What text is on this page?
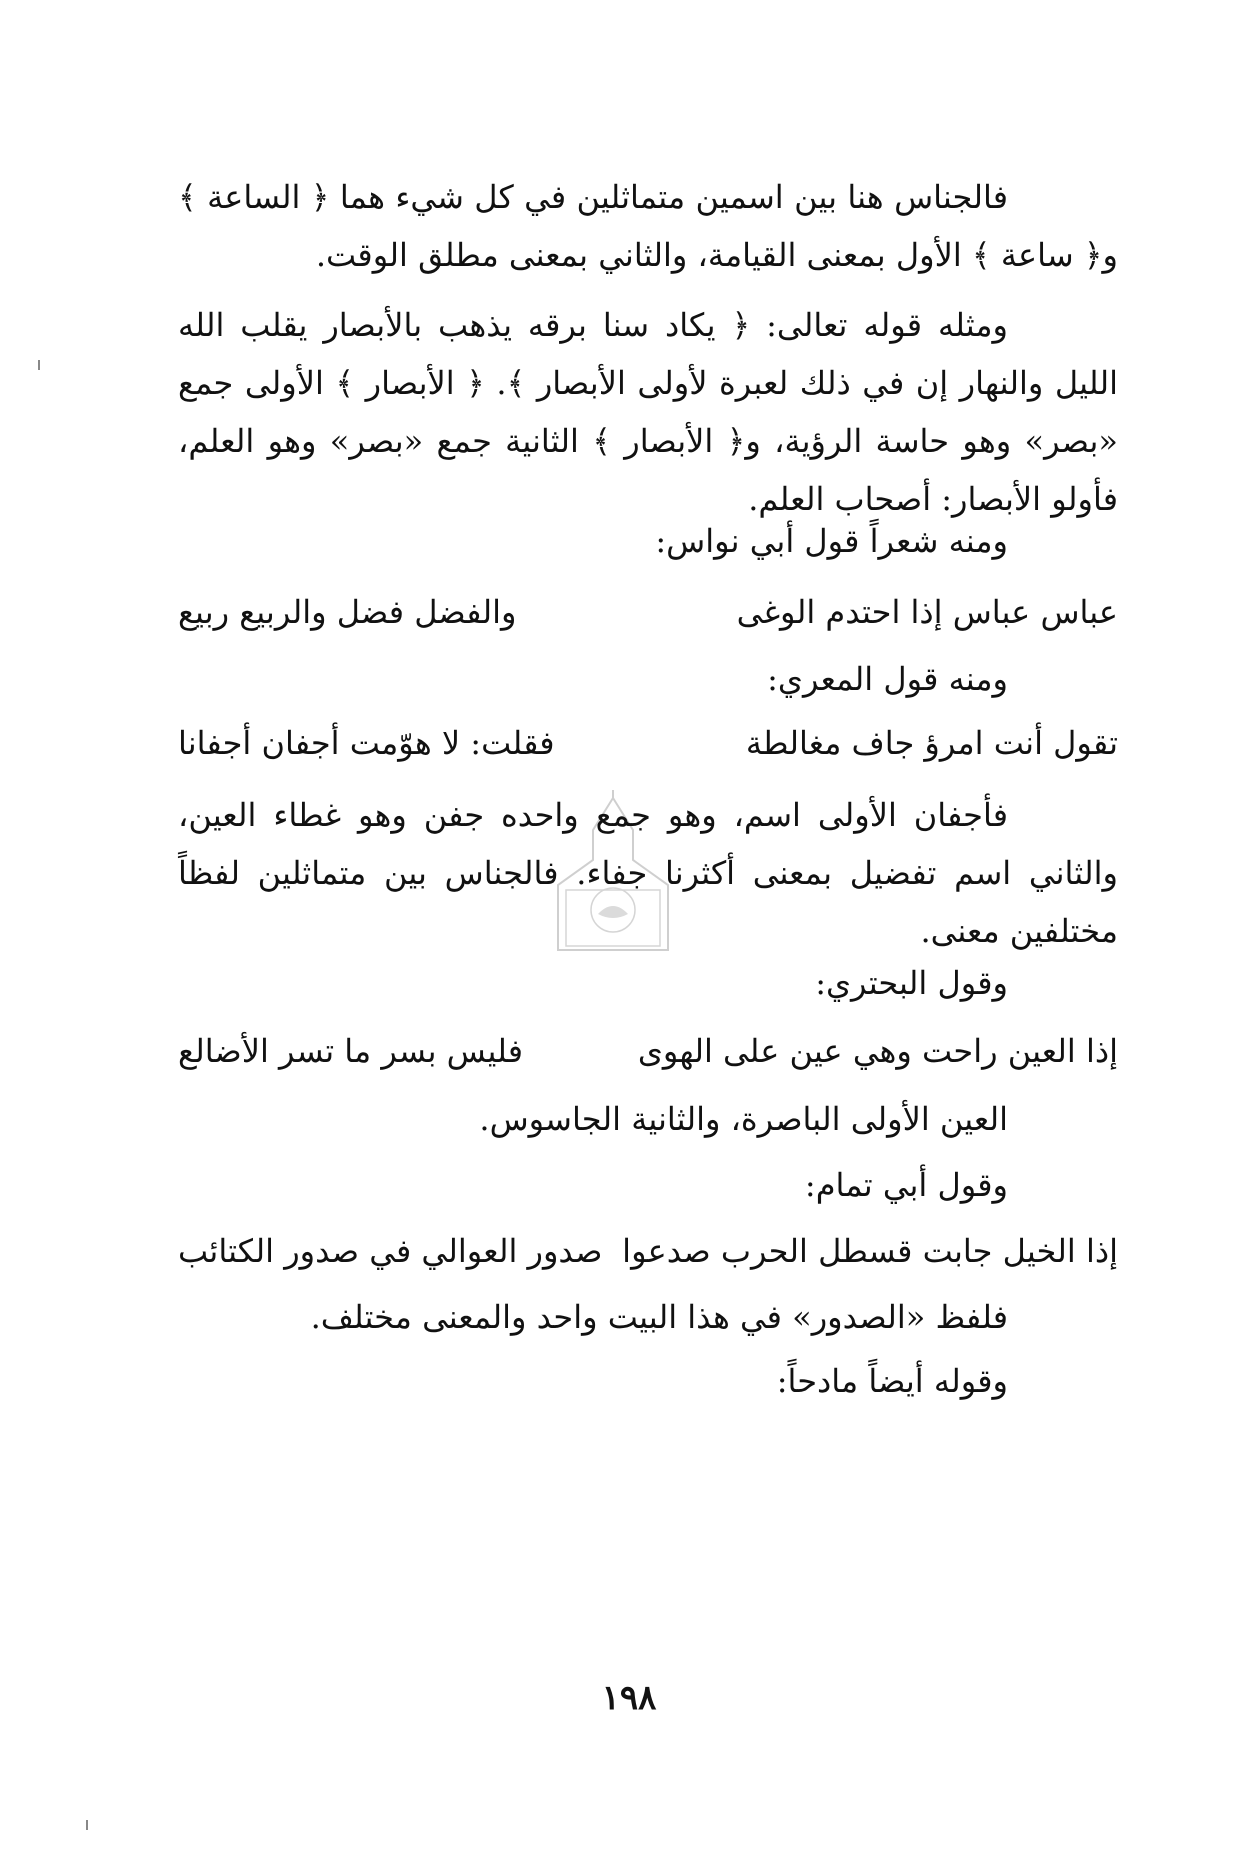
فالجناس هنا بين اسمين متماثلين في كل شيء هما ﴿ الساعة ﴾ و﴿ ساعة ﴾ الأول بمعنى القيامة، والثاني بمعنى مطلق الوقت.

ومثله قوله تعالى: ﴿ يكاد سنا برقه يذهب بالأبصار يقلب الله الليل والنهار إن في ذلك لعبرة لأولى الأبصار ﴾. ﴿ الأبصار ﴾ الأولى جمع «بصر» وهو حاسة الرؤية، و﴿ الأبصار ﴾ الثانية جمع «بصر» وهو العلم، فأولو الأبصار: أصحاب العلم.

ومنه شعراً قول أبي نواس:

عباس عباس إذا احتدم الوغى
والفضل فضل والربيع ربيع

ومنه قول المعري:

تقول أنت امرؤ جاف مغالطة
فقلت: لا هوّمت أجفان أجفانا

فأجفان الأولى اسم، وهو جمع واحده جفن وهو غطاء العين، والثاني اسم تفضيل بمعنى أكثرنا جفاء. فالجناس بين متماثلين لفظاً مختلفين معنى.

وقول البحتري:

إذا العين راحت وهي عين على الهوى
فليس بسر ما تسر الأضالع

العين الأولى الباصرة، والثانية الجاسوس.

وقول أبي تمام:

إذا الخيل جابت قسطل الحرب صدعوا
صدور العوالي في صدور الكتائب

فلفظ «الصدور» في هذا البيت واحد والمعنى مختلف.

وقوله أيضاً مادحاً:

١٩٨
